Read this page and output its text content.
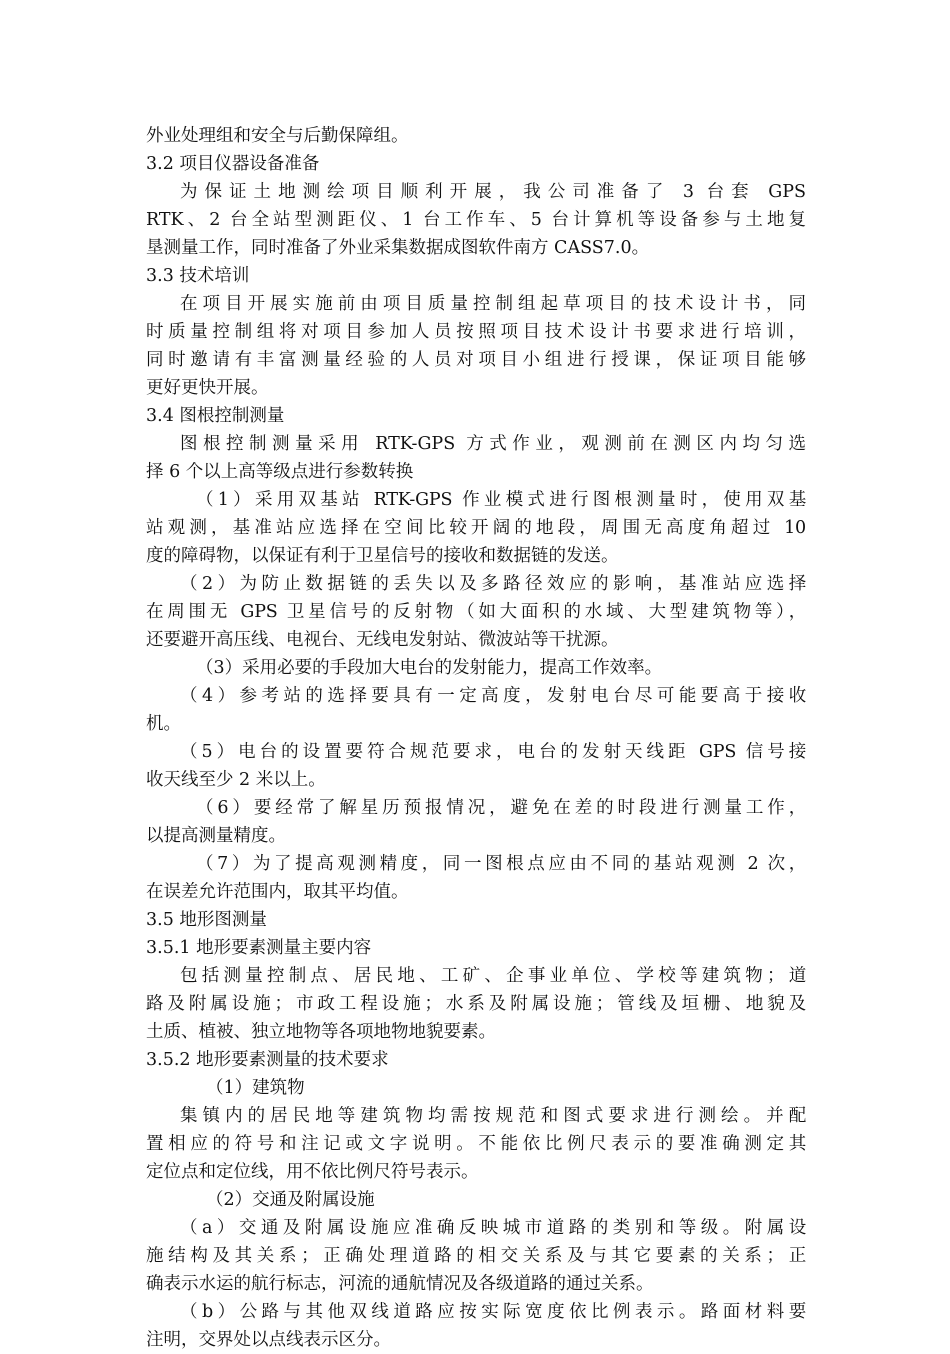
外业处理组和安全与后勤保障组。
3.2 项目仪器设备准备
为保证土地测绘项目顺利开展，我公司准备了 3 台套 GPS
RTK、2 台全站型测距仪、1 台工作车、5 台计算机等设备参与土地复
垦测量工作，同时准备了外业采集数据成图软件南方 CASS7.0。
3.3 技术培训
在项目开展实施前由项目质量控制组起草项目的技术设计书，同
时质量控制组将对项目参加人员按照项目技术设计书要求进行培训，
同时邀请有丰富测量经验的人员对项目小组进行授课，保证项目能够
更好更快开展。
3.4 图根控制测量
图根控制测量采用 RTK-GPS 方式作业，观测前在测区内均匀选
择 6 个以上高等级点进行参数转换
（1）采用双基站 RTK-GPS 作业模式进行图根测量时，使用双基
站观测，基准站应选择在空间比较开阔的地段，周围无高度角超过 10
度的障碍物，以保证有利于卫星信号的接收和数据链的发送。
（2）为防止数据链的丢失以及多路径效应的影响，基准站应选择
在周围无 GPS 卫星信号的反射物（如大面积的水域、大型建筑物等），
还要避开高压线、电视台、无线电发射站、微波站等干扰源。
（3）采用必要的手段加大电台的发射能力，提高工作效率。
（4）参考站的选择要具有一定高度，发射电台尽可能要高于接收
机。
（5）电台的设置要符合规范要求，电台的发射天线距 GPS 信号接
收天线至少 2 米以上。
（6）要经常了解星历预报情况，避免在差的时段进行测量工作，
以提高测量精度。
（7）为了提高观测精度，同一图根点应由不同的基站观测 2 次，
在误差允许范围内，取其平均值。
3.5 地形图测量
3.5.1 地形要素测量主要内容
包括测量控制点、居民地、工矿、企事业单位、学校等建筑物；道
路及附属设施；市政工程设施；水系及附属设施；管线及垣栅、地貌及
土质、植被、独立地物等各项地物地貌要素。
3.5.2 地形要素测量的技术要求
（1）建筑物
集镇内的居民地等建筑物均需按规范和图式要求进行测绘。并配
置相应的符号和注记或文字说明。不能依比例尺表示的要准确测定其
定位点和定位线，用不依比例尺符号表示。
（2）交通及附属设施
（a）交通及附属设施应准确反映城市道路的类别和等级。附属设
施结构及其关系；正确处理道路的相交关系及与其它要素的关系；正
确表示水运的航行标志，河流的通航情况及各级道路的通过关系。
（b）公路与其他双线道路应按实际宽度依比例表示。路面材料要
注明，交界处以点线表示区分。
